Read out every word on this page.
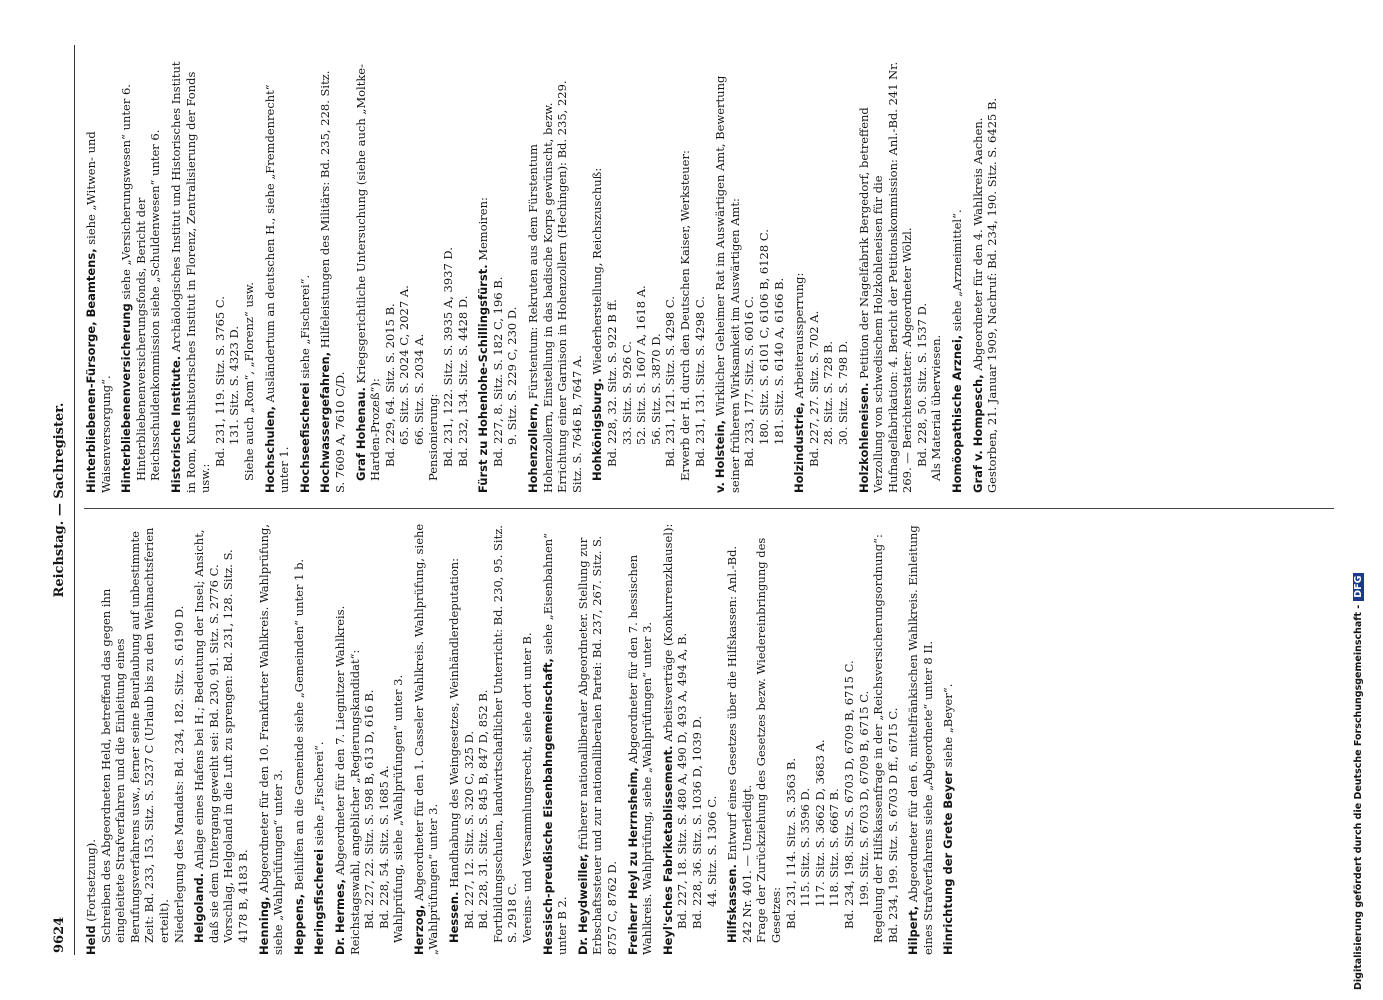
9624
Reichstag. — Sachregister.
Held (Fortsetzung). Schreiben des Abgeordneten Held, betreffend das gegen ihn eingeleitete Strafverfahren und die Einleitung eines Berufungsverfahrens usw., ferner seine Beurlaubung auf unbestimmte Zeit: Bd. 233, 153. Sitz. S. 5237 C (Urlaub bis zu den Weihnachtsferien erteilt). Niederlegung des Mandats: Bd. 234, 182. Sitz. S. 6190 D. Helgoland. Anlage eines Hafens bei H.; Bedeutung der Insel; Ansicht, daß sie dem Untergang geweiht sei: Bd. 230, 91. Sitz. S. 2776 C. Vorschlag, Helgoland in die Luft zu sprengen: Bd. 231, 128. Sitz. S. 4178 B, 4183 B. Henning, Abgeordneter für den 10. Frankfurter Wahlkreis. Wahlprüfung, siehe „Wahlprüfungen“ unter 3. Heppens, Beihilfen an die Gemeinde siehe „Gemeinden“ unter 1 b.
Heringsfischerei siehe „Fischerei“.
Dr. Hermes, Abgeordneter für den 7. Liegnitzer Wahlkreis. Reichstagswahl, angeblicher „Regierungskandidat“: Bd. 227, 22. Sitz. S. 598 B, 613 D, 616 B. Bd. 228, 54. Sitz. S. 1685 A. Wahlprüfung, siehe „Wahlprüfungen“ unter 3. Herzog, Abgeordneter für den 1. Casseler Wahlkreis. Wahlprüfung, siehe „Wahlprüfungen“ unter 3. Hessen. Handhabung des Weingesetzes, Weinhändlerdeputation: Bd. 227, 12. Sitz. S. 320 C, 325 D. Bd. 228, 31. Sitz. S. 845 B, 847 D, 852 B. Fortbildungsschulen, landwirtschaftlicher Unterricht: Bd. 230, 95. Sitz. S. 2918 C. Vereins- und Versammlungsrecht, siehe dort unter B. Hessisch-preußische Eisenbahngemeinschaft, siehe „Eisenbahnen“ unter B 2. Dr. Heydweiller, früherer nationalliberaler Abgeordneter. Stellung zur Erbschaftssteuer und zur nationalliberalen Partei: Bd. 237, 267. Sitz. S. 8757 C, 8762 D. Freiherr Heyl zu Herrnsheim, Abgeordneter für den 7. hessischen Wahlkreis. Wahlprüfung, siehe „Wahlprüfungen“ unter 3. Heyl'sches Fabriketablissement. Arbeitsverträge (Konkurrenzklausel):
Bd. 227, 18. Sitz. S. 480 A, 490 D, 493 A, 494 A, B. Bd. 228, 36. Sitz. S. 1036 D, 1039 D. 44. Sitz. S. 1306 C. Hilfskassen. Entwurf eines Gesetzes über die Hilfskassen: Anl.-Bd. 242 Nr. 401. — Unerledigt. Frage der Zurückziehung des Gesetzes bezw. Wiedereinbringung des Gesetzes: Bd. 231, 114. Sitz. S. 3563 B. 115. Sitz. S. 3596 D. 117. Sitz. S. 3662 D, 3683 A. 118. Sitz. S. 6667 B. Bd. 234, 198. Sitz. S. 6703 D, 6709 B, 6715 C. 199. Sitz. S. 6703 D, 6709 B, 6715 C. Regelung der Hilfskassenfrage in der „Reichsversicherungsordnung“: Bd. 234, 199. Sitz. S. 6703 D ff., 6715 C. Hilpert, Abgeordneter für den 6. mittelfränkischen Wahlkreis. Einleitung eines Strafverfahrens siehe „Abgeordnete“ unter 8 II. Hinrichtung der Grete Beyer siehe „Beyer“.
Hinterbliebenen-Fürsorge, Beamtens, siehe „Witwen- und Waisenversorgung“. Hinterbliebenenversicherung siehe „Versicherungswesen“ unter 6.
Hinterbliebenenversicherungsfonds, Bericht der Reichsschuldenkommission siehe „Schuldenwesen“ unter 6. Historische Institute. Archäologisches Institut und Historisches Institut in Rom, Kunsthistorisches Institut in Florenz, Zentralisierung der Fonds usw.:
Bd. 231, 119. Sitz. S. 3765 C. 131. Sitz. S. 4323 D. Siehe auch „Rom“, „Florenz“ usw. Hochschulen, Ausländertum an deutschen H., siehe „Fremdenrecht“ unter 1. Hochseefischerei siehe „Fischerei“.
Hochwassergefahren, Hilfeleistungen des Militärs: Bd. 235, 228. Sitz. S. 7609 A, 7610 C/D. Graf Hohenau. Kriegsgerichtliche Untersuchung (siehe auch „Moltke-Harden-Prozeß“): Bd. 229, 64. Sitz. S. 2015 B. 65. Sitz. S. 2024 C, 2027 A. 66. Sitz. S. 2034 A. Pensionierung: Bd. 231, 122. Sitz. S. 3935 A, 3937 D. Bd. 232, 134. Sitz. S. 4428 D. Fürst zu Hohenlohe-Schillingsfürst. Memoiren:
Bd. 227, 8. Sitz. S. 182 C, 196 B. 9. Sitz. S. 229 C, 230 D.
Hohenzollern, Fürstentum: Rekruten aus dem Fürstentum Hohenzollern, Einstellung in das badische Korps gewünscht, bezw. Errichtung einer Garnison in Hohenzollern (Hechingen): Bd. 235, 229. Sitz. S. 7646 B, 7647 A. Hohkönigsburg. Wiederherstellung, Reichszuschuß:
Bd. 228, 32. Sitz. S. 922 B ff. 33. Sitz. S. 926 C. 52. Sitz. S. 1607 A, 1618 A. 56. Sitz. S. 3870 D. Bd. 231, 121. Sitz. S. 4298 C. Erwerb der H. durch den Deutschen Kaiser, Werksteuer: Bd. 231, 131. Sitz. S. 4298 C. v. Holstein, Wirklicher Geheimer Rat im Auswärtigen Amt, Bewertung seiner früheren Wirksamkeit im Auswärtigen Amt: Bd. 233, 177. Sitz. S. 6016 C. 180. Sitz. S. 6101 C, 6106 B, 6128 C. 181. Sitz. S. 6140 A, 6166 B.
Holzindustrie, Arbeiteraussperrung: Bd. 227, 27. Sitz. S. 702 A. 28. Sitz. S. 728 B. 30. Sitz. S. 798 D. Holzkohleneisen. Petition der Nagelfabrik Bergedorf, betreffend Verzollung von schwedischem Holzkohleneisen für die Hufnagelfabrikation: 4. Bericht der Petitionskommission: Anl.-Bd. 241 Nr. 269. — Berichterstatter: Abgeordneter Wölzl. Bd. 228, 50. Sitz. S. 1537 D. Als Material überwiesen. Homöopathische Arznei, siehe „Arzneimittel“.
Graf v. Hompesch, Abgeordneter für den 4. Wahlkreis Aachen. Gestorben, 21. Januar 1909, Nachruf: Bd. 234, 190. Sitz. S. 6425 B.
Digitalisierung gefördert durch die Deutsche Forschungsgemeinschaft -DFG
